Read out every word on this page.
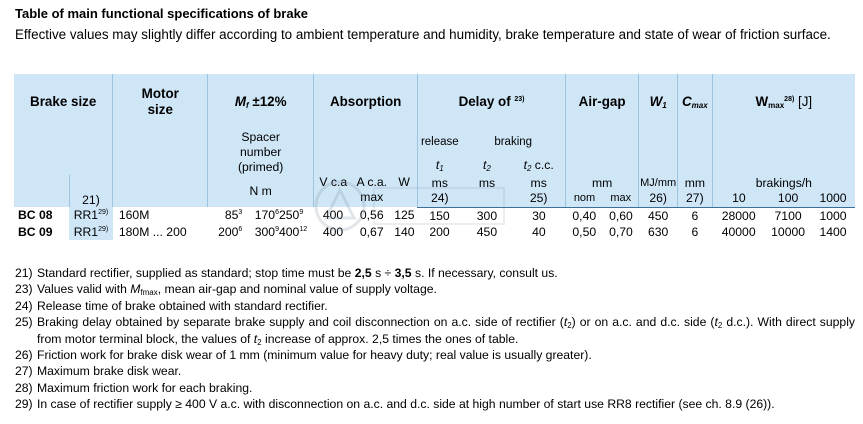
Table of main functional specifications of brake
Effective values may slightly differ according to ambient temperature and humidity, brake temperature and state of wear of friction surface.
Brake size		Motor size	$M_f \pm 12\%$			Absorption			Delay of $^{23)}$			Air-gap		$W_1$	$C_{max}$	$W_{max}^{28)}$ [J]		
			Spacer number (primed)						release	braking								
									$t_1$	$t_2$	$t_2$ c.c.							
	21)		N m			V c.a	A c.a.
max	W	ms	ms	ms	mm		MJ/mm	mm	brakings/h		
									24)		25)	nom	max	26)	27)	10	100	1000
BC 08	RR1$^{29)}$	160M	$85^3$	$170^6$	$250^9$	400	0,56	125	150	300	30	0,40	0,60	450	6	28000	7100	1000
BC 09	RR1$^{29)}$	180M ... 200	$200^6$	$300^9$	$400^{12}$	400	0,67	140	200	450	40	0,50	0,70	630	6	40000	10000	1400
21) Standard rectifier, supplied as standard; stop time must be 2,5 s ÷ 3,5 s. If necessary, consult us.
23) Values valid with $M_{fmax}$, mean air-gap and nominal value of supply voltage.
24) Release time of brake obtained with standard rectifier.
25) Braking delay obtained by separate brake supply and coil disconnection on a.c. side of rectifier $(t_2)$ or on a.c. and d.c. side ($t_2$ d.c.). With direct supply from motor terminal block, the values of $t_2$ increase of approx. 2,5 times the ones of table.
26) Friction work for brake disk wear of 1 mm (minimum value for heavy duty; real value is usually greater).
27) Maximum brake disk wear.
28) Maximum friction work for each braking.
29) In case of rectifier supply ≥ 400 V a.c. with disconnection on a.c. and d.c. side at high number of start use RR8 rectifier (see ch. 8.9 (26)).
